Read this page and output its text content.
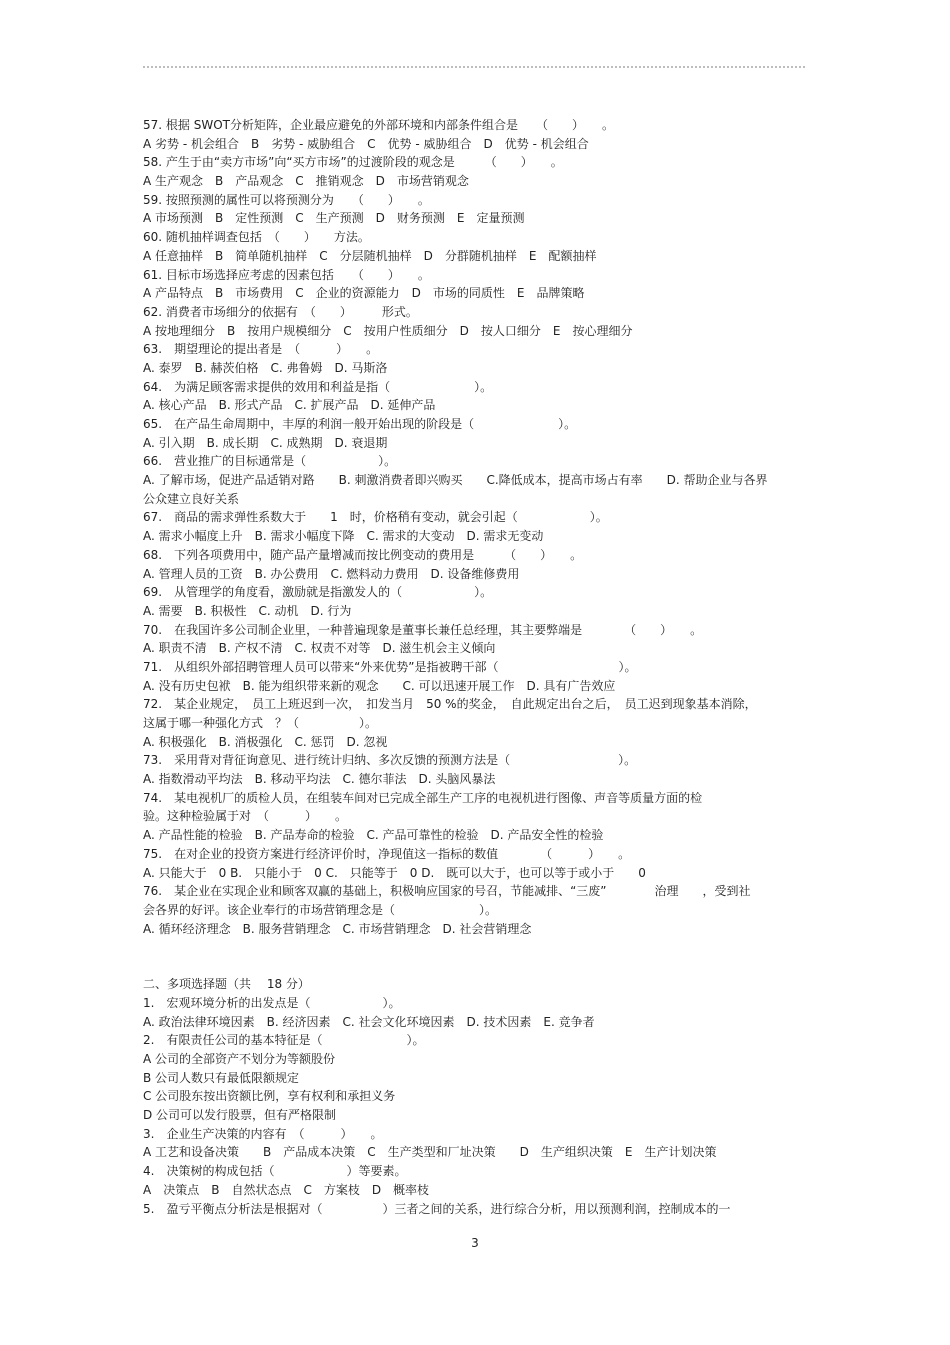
57. 根据 SWOT分析矩阵，企业最应避免的外部环境和内部条件组合是　　（　　）　　。
A 劣势 - 机会组合　B　劣势 - 威胁组合　C　优势 - 威胁组合　D　优势 - 机会组合
58. 产生于由“卖方市场”向“买方市场”的过渡阶段的观念是　　　（　　）　　。
A 生产观念　B　产品观念　C　推销观念　D　市场营销观念
59. 按照预测的属性可以将预测分为　　（　　）　　。
A 市场预测　B　定性预测　C　生产预测　D　财务预测　E　定量预测
60. 随机抽样调查包括　（　　）　　方法。
A 任意抽样　B　简单随机抽样　C　分层随机抽样　D　分群随机抽样　E　配额抽样
61. 目标市场选择应考虑的因素包括　　（　　）　　。
A 产品特点　B　市场费用　C　企业的资源能力　D　市场的同质性　E　品牌策略
62. 消费者市场细分的依据有　（　　）　　　形式。
A 按地理细分　B　按用户规模细分　C　按用户性质细分　D　按人口细分　E　按心理细分
63.　期望理论的提出者是　（　　　）　　。
A. 泰罗　B. 赫茨伯格　C. 弗鲁姆　D. 马斯洛
64.　为满足顾客需求提供的效用和利益是指（　　　　　　　）。
A. 核心产品　B. 形式产品　C. 扩展产品　D. 延伸产品
65.　在产品生命周期中，丰厚的利润一般开始出现的阶段是（　　　　　　　）。
A. 引入期　B. 成长期　C. 成熟期　D. 衰退期
66.　营业推广的目标通常是（　　　　　　）。
A. 了解市场，促进产品适销对路　　B. 刺激消费者即兴购买　　C.降低成本，提高市场占有率　　D. 帮助企业与各界
公众建立良好关系
67.　商品的需求弹性系数大于　　1　时，价格稍有变动，就会引起（　　　　　　）。
A. 需求小幅度上升　B. 需求小幅度下降　C. 需求的大变动　D. 需求无变动
68.　下列各项费用中，随产品产量增减而按比例变动的费用是　　　（　　）　　。
A. 管理人员的工资　B. 办公费用　C. 燃料动力费用　D. 设备维修费用
69.　从管理学的角度看，激励就是指激发人的（　　　　　　）。
A. 需要　B. 积极性　C. 动机　D. 行为
70.　在我国许多公司制企业里，一种普遍现象是董事长兼任总经理，其主要弊端是　　　　（　　）　　。
A. 职责不清　B. 产权不清　C. 权责不对等　D. 滋生机会主义倾向
71.　从组织外部招聘管理人员可以带来“外来优势”是指被聘干部（　　　　　　　　　　）。
A. 没有历史包袱　B. 能为组织带来新的观念　　C. 可以迅速开展工作　D. 具有广告效应
72.　某企业规定，　员工上班迟到一次，　扣发当月　50 %的奖金，　自此规定出台之后，　员工迟到现象基本消除，
这属于哪一种强化方式　？（　　　　　）。
A. 积极强化　B. 消极强化　C. 惩罚　D. 忽视
73.　采用背对背征询意见、进行统计归纳、多次反馈的预测方法是（　　　　　　　　　）。
A. 指数滑动平均法　B. 移动平均法　C. 德尔菲法　D. 头脑风暴法
74.　某电视机厂的质检人员，在组装车间对已完成全部生产工序的电视机进行图像、声音等质量方面的检
验。这种检验属于对　（　　　）　　。
A. 产品性能的检验　B. 产品寿命的检验　C. 产品可靠性的检验　D. 产品安全性的检验
75.　在对企业的投资方案进行经济评价时，净现值这一指标的数值　　　　（　　　）　　。
A. 只能大于　0 B.　只能小于　0 C.　只能等于　0 D.　既可以大于，也可以等于或小于　　0
76.　某企业在实现企业和顾客双赢的基础上，积极响应国家的号召，节能减排、“三废”　　　　治理　　，受到社
会各界的好评。该企业奉行的市场营销理念是（　　　　　　　）。
A. 循环经济理念　B. 服务营销理念　C. 市场营销理念　D. 社会营销理念
二、多项选择题（共　 18 分）
1.　宏观环境分析的出发点是（　　　　　　）。
A. 政治法律环境因素　B. 经济因素　C. 社会文化环境因素　D. 技术因素　E. 竞争者
2.　有限责任公司的基本特征是（　　　　　　　）。
A 公司的全部资产不划分为等额股份
B 公司人数只有最低限额规定
C 公司股东按出资额比例，享有权利和承担义务
D 公司可以发行股票，但有严格限制
3.　企业生产决策的内容有　（　　　）　　。
A 工艺和设备决策　　B　产品成本决策　C　生产类型和厂址决策　　D　生产组织决策　E　生产计划决策
4.　决策树的构成包括（　　　　　　）等要素。
A　决策点　B　自然状态点　C　方案枝　D　概率枝
5.　盈亏平衡点分析法是根据对（　　　　　）三者之间的关系，进行综合分析，用以预测利润，控制成本的一
3
